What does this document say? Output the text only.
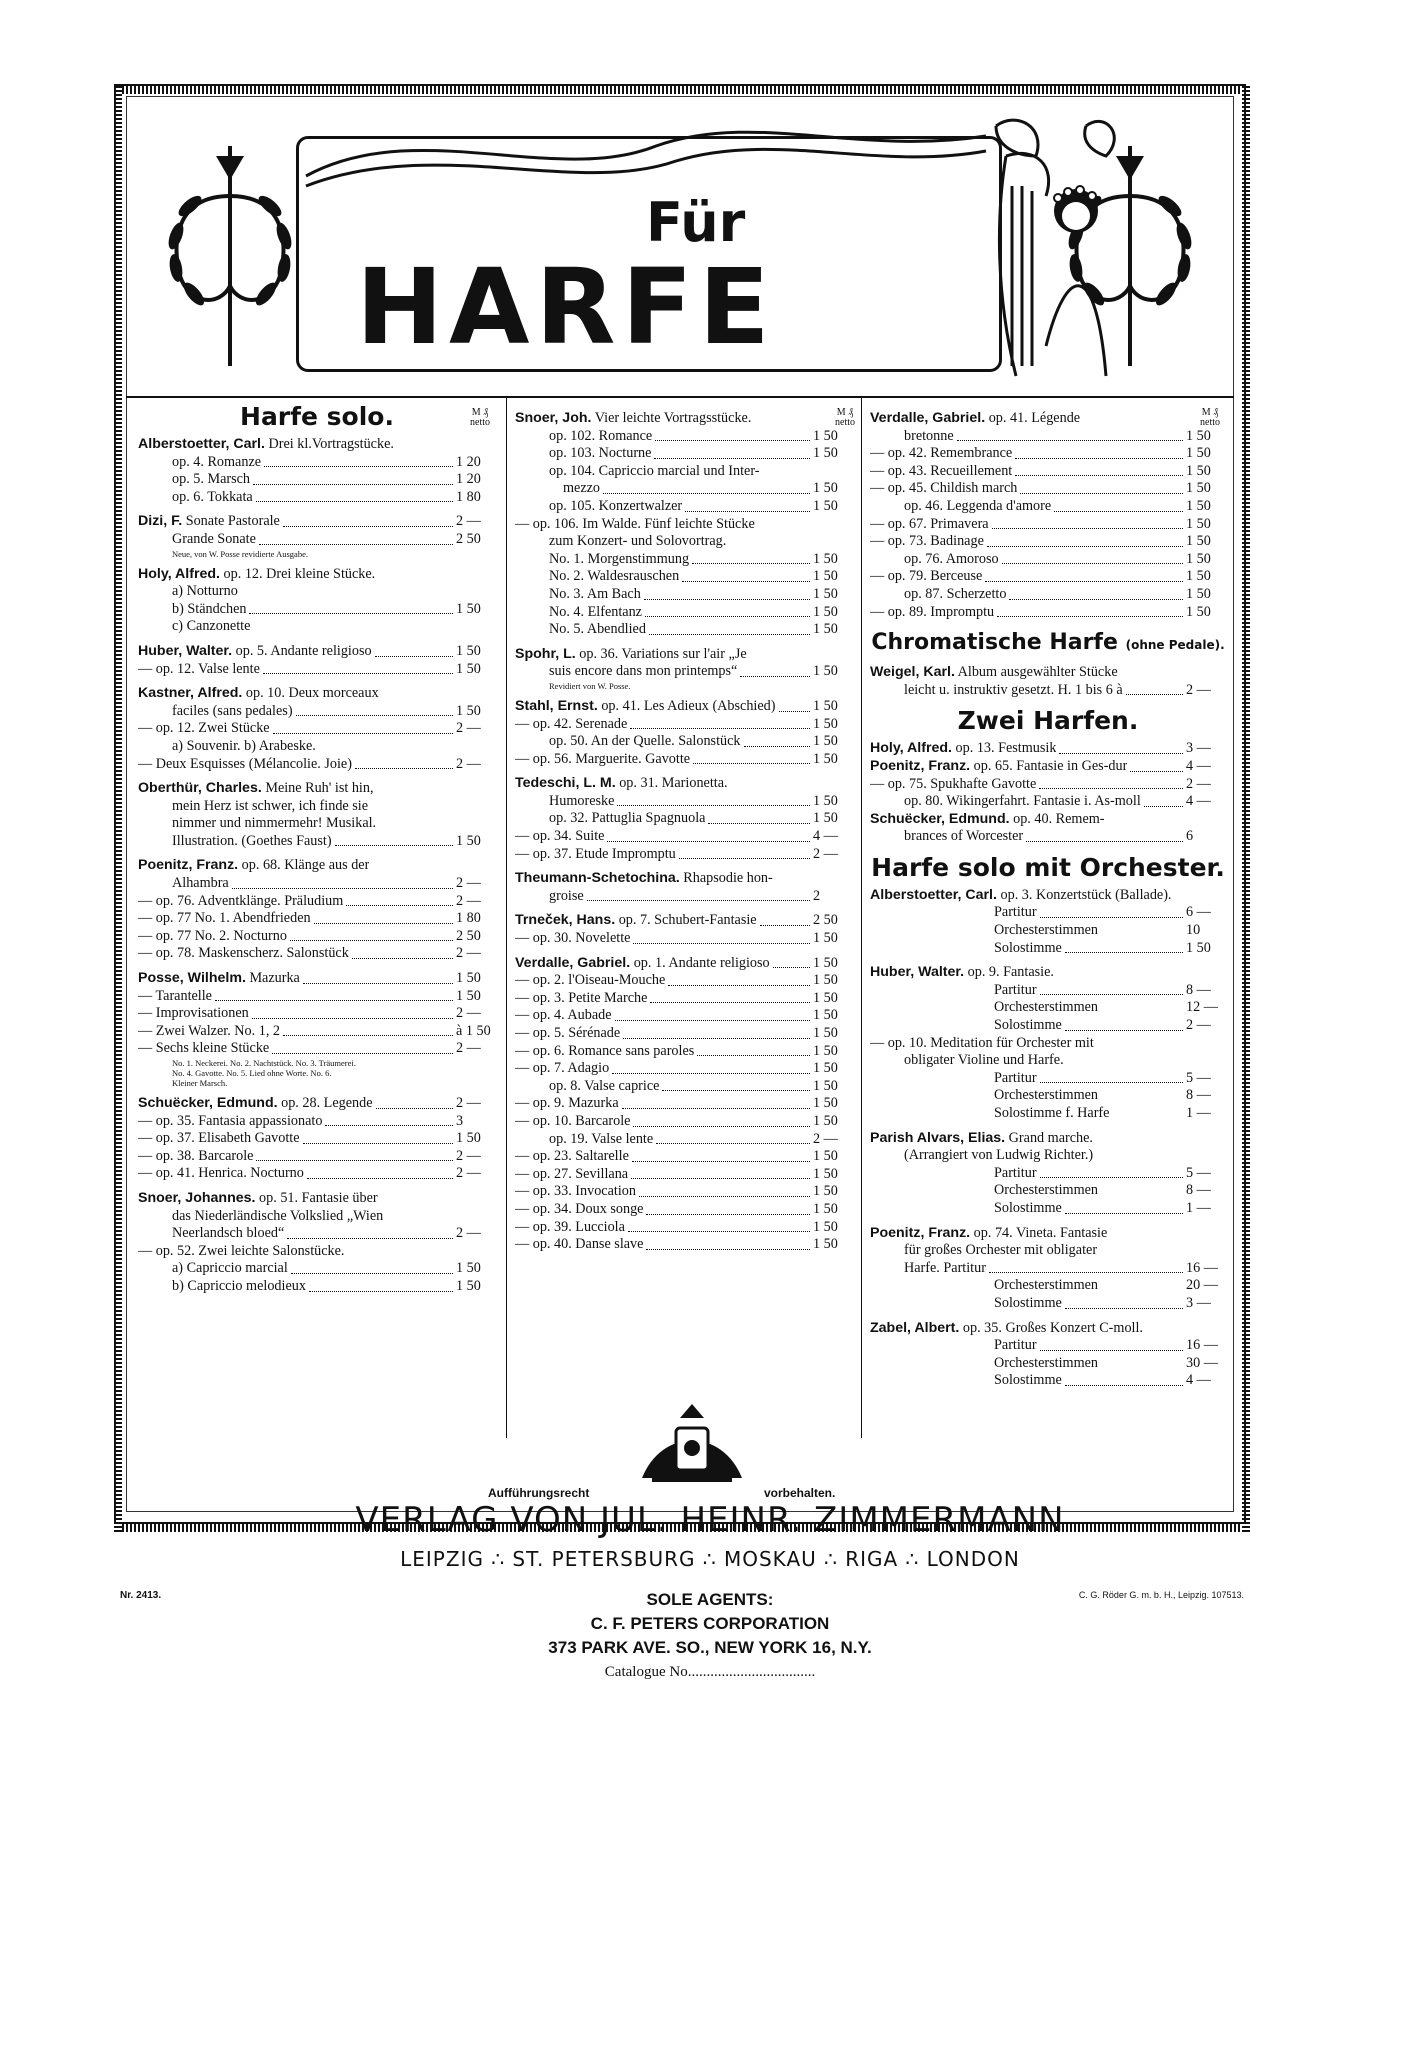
Für
HARFE
M ₰
netto
Harfe solo.
Alberstoetter, Carl. Drei kl.Vortragstücke.
op. 4. Romanze	1 20
op. 5. Marsch	1 20
op. 6. Tokkata	1 80
Dizi, F. Sonate Pastorale	2 —
Grande Sonate	2 50
Neue, von W. Posse revidierte Ausgabe.
Holy, Alfred. op. 12. Drei kleine Stücke.
a) Notturno
b) Ständchen	1 50
c) Canzonette
Huber, Walter. op. 5. Andante religioso	1 50
— op. 12. Valse lente	1 50
Kastner, Alfred. op. 10. Deux morceaux
faciles (sans pedales)	1 50
— op. 12. Zwei Stücke	2 —
a) Souvenir. b) Arabeske.
— Deux Esquisses (Mélancolie. Joie)	2 —
Oberthür, Charles. Meine Ruh' ist hin,
mein Herz ist schwer, ich finde sie
nimmer und nimmermehr! Musikal.
Illustration. (Goethes Faust)	1 50
Poenitz, Franz. op. 68. Klänge aus der
Alhambra	2 —
— op. 76. Adventklänge. Präludium	2 —
— op. 77 No. 1. Abendfrieden	1 80
— op. 77 No. 2. Nocturno	2 50
— op. 78. Maskenscherz. Salonstück	2 —
Posse, Wilhelm. Mazurka	1 50
— Tarantelle	1 50
— Improvisationen	2 —
— Zwei Walzer. No. 1, 2	à 1 50
— Sechs kleine Stücke	2 —
No. 1. Neckerei. No. 2. Nachtstück. No. 3. Träumerei.
No. 4. Gavotte. No. 5. Lied ohne Worte. No. 6.
Kleiner Marsch.
Schuëcker, Edmund. op. 28. Legende	2 —
— op. 35. Fantasia appassionato	3
— op. 37. Elisabeth Gavotte	1 50
— op. 38. Barcarole	2 —
— op. 41. Henrica. Nocturno	2 —
Snoer, Johannes. op. 51. Fantasie über
das Niederländische Volkslied „Wien
Neerlandsch bloed“	2 —
— op. 52. Zwei leichte Salonstücke.
a) Capriccio marcial	1 50
b) Capriccio melodieux	1 50
M ₰
netto
Snoer, Joh. Vier leichte Vortragsstücke.
op. 102. Romance	1 50
op. 103. Nocturne	1 50
op. 104. Capriccio marcial und Inter-
mezzo	1 50
op. 105. Konzertwalzer	1 50
— op. 106. Im Walde. Fünf leichte Stücke
zum Konzert- und Solovortrag.
No. 1. Morgenstimmung	1 50
No. 2. Waldesrauschen	1 50
No. 3. Am Bach	1 50
No. 4. Elfentanz	1 50
No. 5. Abendlied	1 50
Spohr, L. op. 36. Variations sur l'air „Je
suis encore dans mon printemps“	1 50
Revidiert von W. Posse.
Stahl, Ernst. op. 41. Les Adieux (Abschied)	1 50
— op. 42. Serenade	1 50
op. 50. An der Quelle. Salonstück	1 50
— op. 56. Marguerite. Gavotte	1 50
Tedeschi, L. M. op. 31. Marionetta.
Humoreske	1 50
op. 32. Pattuglia Spagnuola	1 50
— op. 34. Suite	4 —
— op. 37. Etude Impromptu	2 —
Theumann-Schetochina. Rhapsodie hon-
groise	2
Trneček, Hans. op. 7. Schubert-Fantasie	2 50
— op. 30. Novelette	1 50
Verdalle, Gabriel. op. 1. Andante religioso	1 50
— op. 2. l'Oiseau-Mouche	1 50
— op. 3. Petite Marche	1 50
— op. 4. Aubade	1 50
— op. 5. Sérénade	1 50
— op. 6. Romance sans paroles	1 50
— op. 7. Adagio	1 50
op. 8. Valse caprice	1 50
— op. 9. Mazurka	1 50
— op. 10. Barcarole	1 50
op. 19. Valse lente	2 —
— op. 23. Saltarelle	1 50
— op. 27. Sevillana	1 50
— op. 33. Invocation	1 50
— op. 34. Doux songe	1 50
— op. 39. Lucciola	1 50
— op. 40. Danse slave	1 50
M ₰
netto
Verdalle, Gabriel. op. 41. Légende
bretonne	1 50
— op. 42. Remembrance	1 50
— op. 43. Recueillement	1 50
— op. 45. Childish march	1 50
op. 46. Leggenda d'amore	1 50
— op. 67. Primavera	1 50
— op. 73. Badinage	1 50
op. 76. Amoroso	1 50
— op. 79. Berceuse	1 50
op. 87. Scherzetto	1 50
— op. 89. Impromptu	1 50
Chromatische Harfe (ohne Pedale).
Weigel, Karl. Album ausgewählter Stücke
leicht u. instruktiv gesetzt. H. 1 bis 6 à	2 —
Zwei Harfen.
Holy, Alfred. op. 13. Festmusik	3 —
Poenitz, Franz. op. 65. Fantasie in Ges-dur	4 —
— op. 75. Spukhafte Gavotte	2 —
op. 80. Wikingerfahrt. Fantasie i. As-moll	4 —
Schuëcker, Edmund. op. 40. Remem-
brances of Worcester	6
Harfe solo mit Orchester.
Alberstoetter, Carl. op. 3. Konzertstück (Ballade).
Partitur	6 —
Orchesterstimmen	10
Solostimme	1 50
Huber, Walter. op. 9. Fantasie.
Partitur	8 —
Orchesterstimmen	12 —
Solostimme	2 —
— op. 10. Meditation für Orchester mit
obligater Violine und Harfe.
Partitur	5 —
Orchesterstimmen	8 —
Solostimme f. Harfe	1 —
Parish Alvars, Elias. Grand marche.
(Arrangiert von Ludwig Richter.)
Partitur	5 —
Orchesterstimmen	8 —
Solostimme	1 —
Poenitz, Franz. op. 74. Vineta. Fantasie
für großes Orchester mit obligater
Harfe. Partitur	16 —
Orchesterstimmen	20 —
Solostimme	3 —
Zabel, Albert. op. 35. Großes Konzert C-moll.
Partitur	16 —
Orchesterstimmen	30 —
Solostimme	4 —
Aufführungsrecht	vorbehalten.
VERLAG VON JUL. HEINR. ZIMMERMANN
LEIPZIG ∴ ST. PETERSBURG ∴ MOSKAU ∴ RIGA ∴ LONDON
Nr. 2413.	C. G. Röder G. m. b. H., Leipzig. 107513.
SOLE AGENTS:
C. F. PETERS CORPORATION
373 PARK AVE. SO., NEW YORK 16, N.Y.
Catalogue No..................................
